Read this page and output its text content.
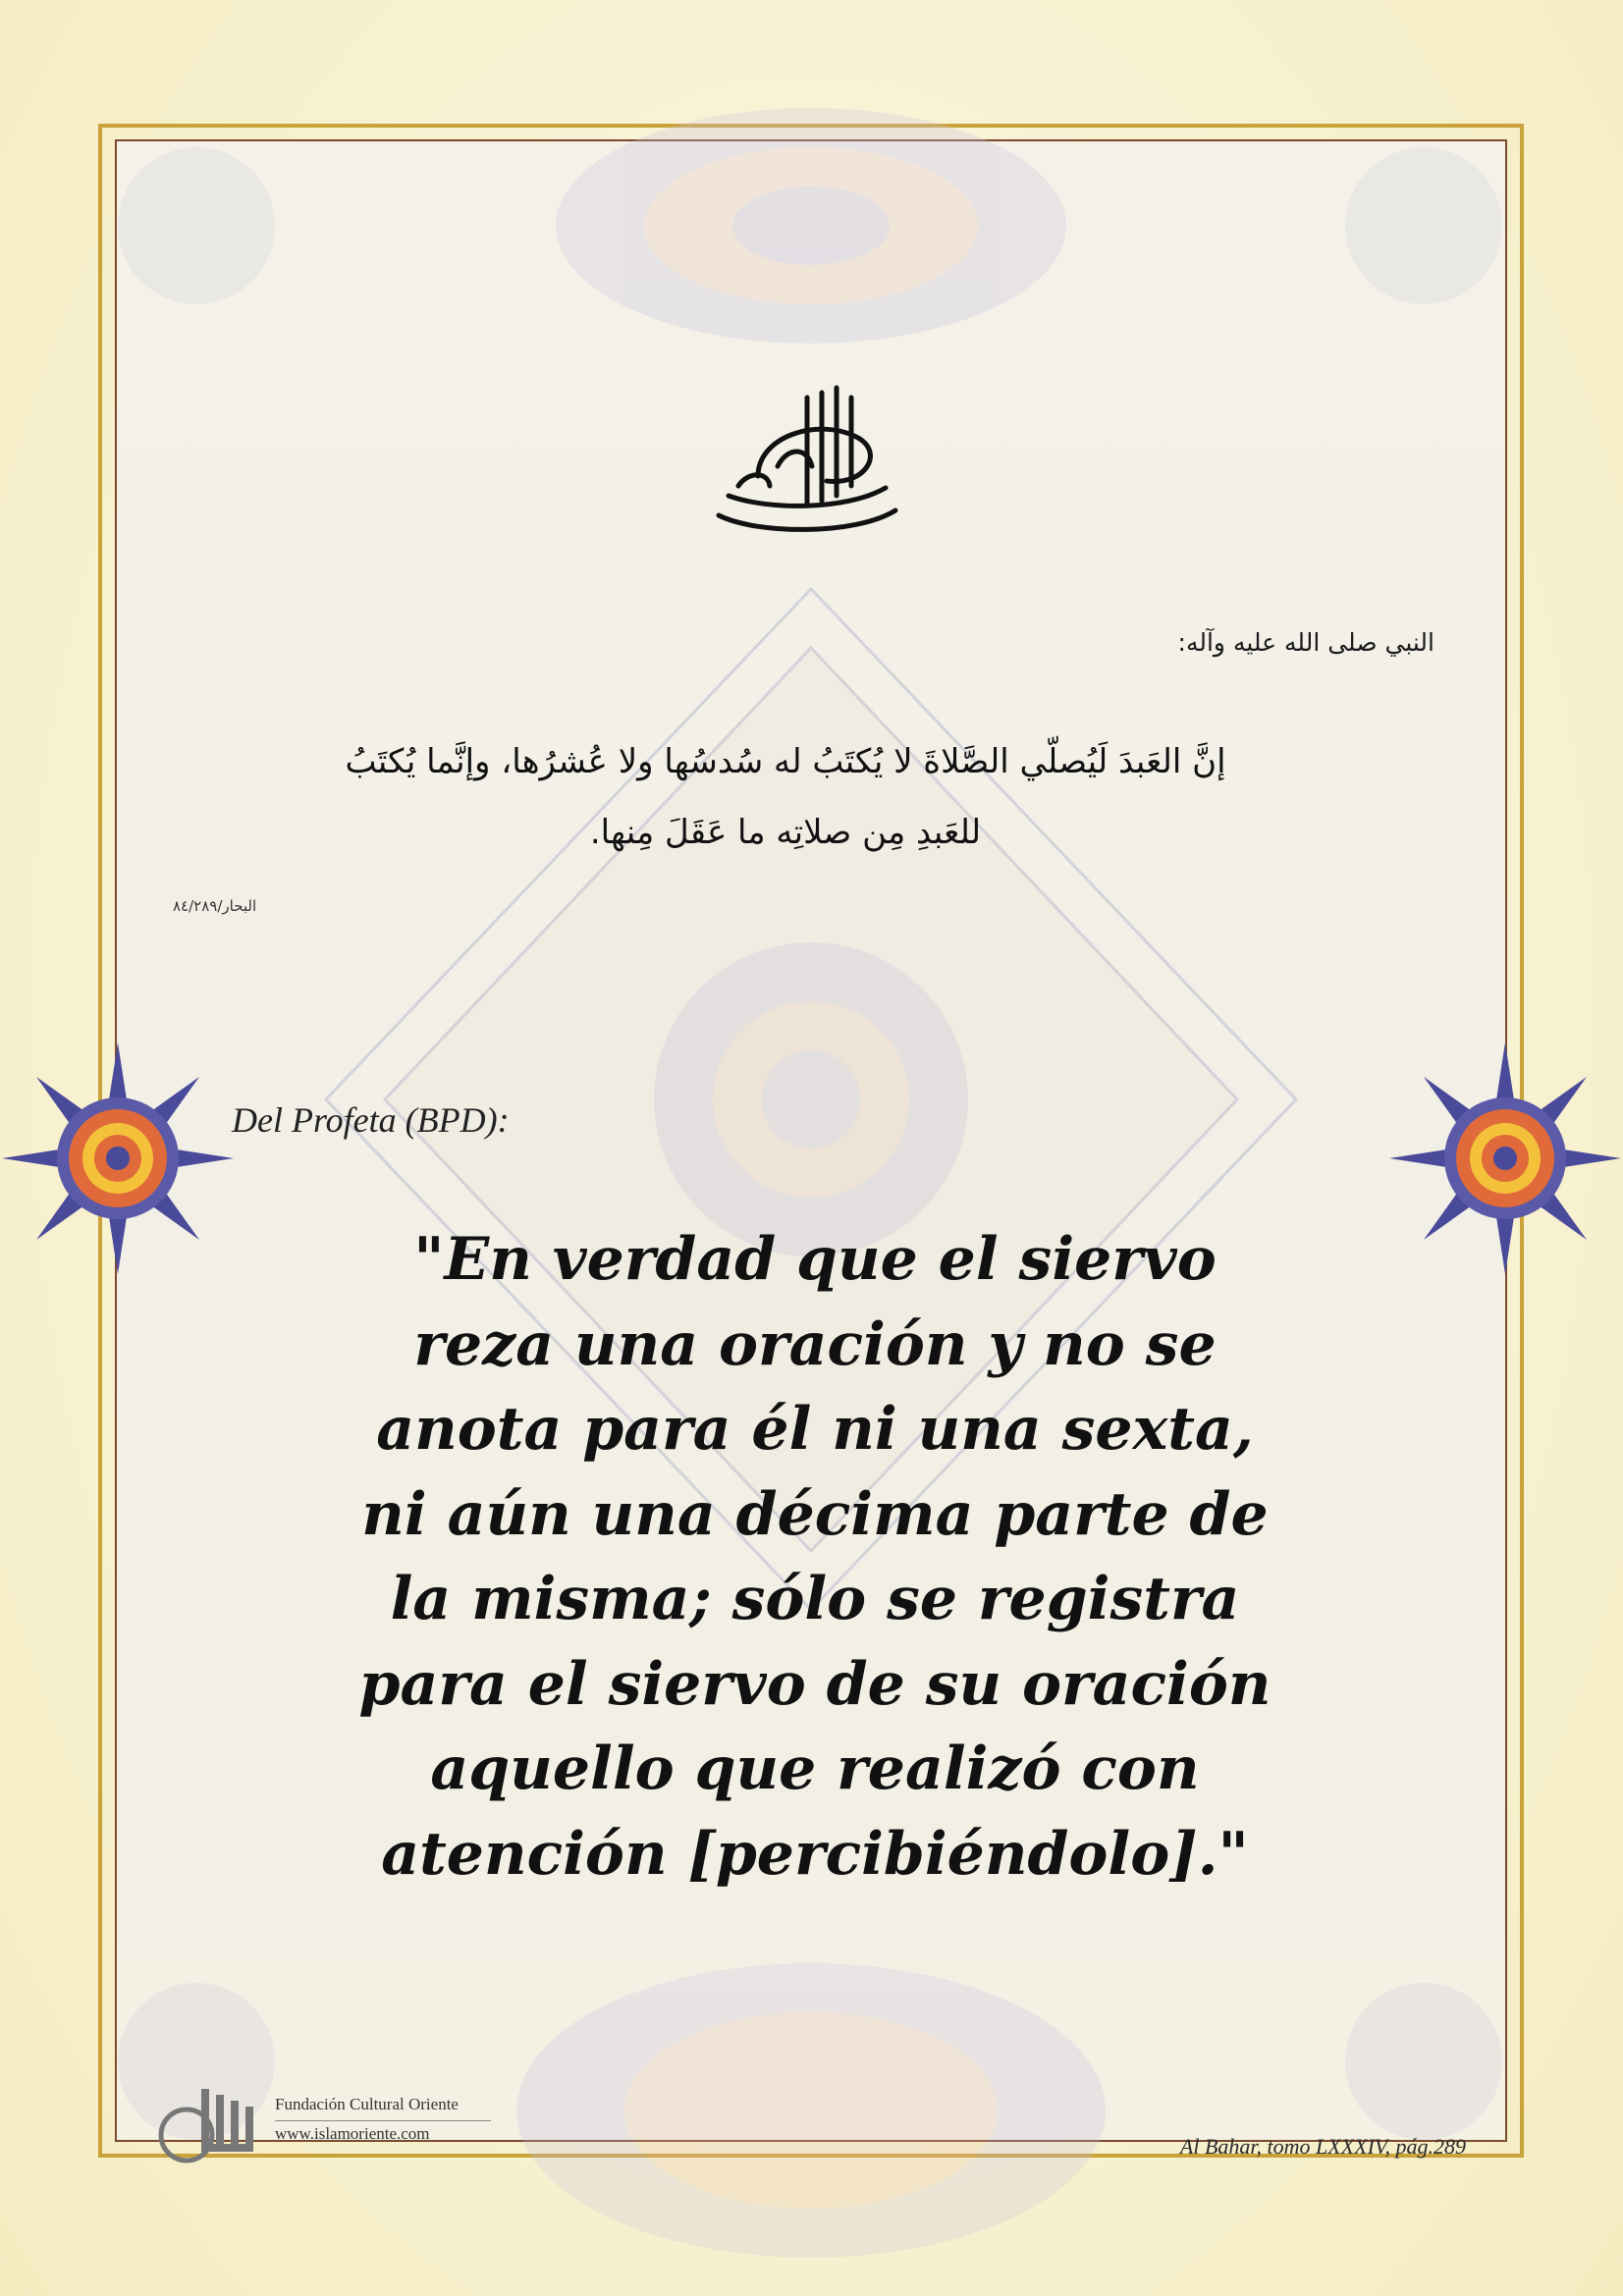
النبي صلى الله عليه وآله:
إنَّ العَبدَ لَيُصلّي الصَّلاةَ لا يُكتَبُ له سُدسُها ولا عُشرُها، وإنَّما يُكتَبُ
للعَبدِ مِن صلاتِه ما عَقَلَ مِنها.
البحار/٨٤/٢٨٩
Del Profeta (BPD):
"En verdad que el siervo
reza una oración y no se
anota para él ni una sexta,
ni aún una décima parte de
la misma; sólo se registra
para el siervo de su oración
aquello que realizó con
atención [percibiéndolo]."
Fundación Cultural Oriente
www.islamoriente.com
Al Bahar, tomo LXXXIV, pág.289
